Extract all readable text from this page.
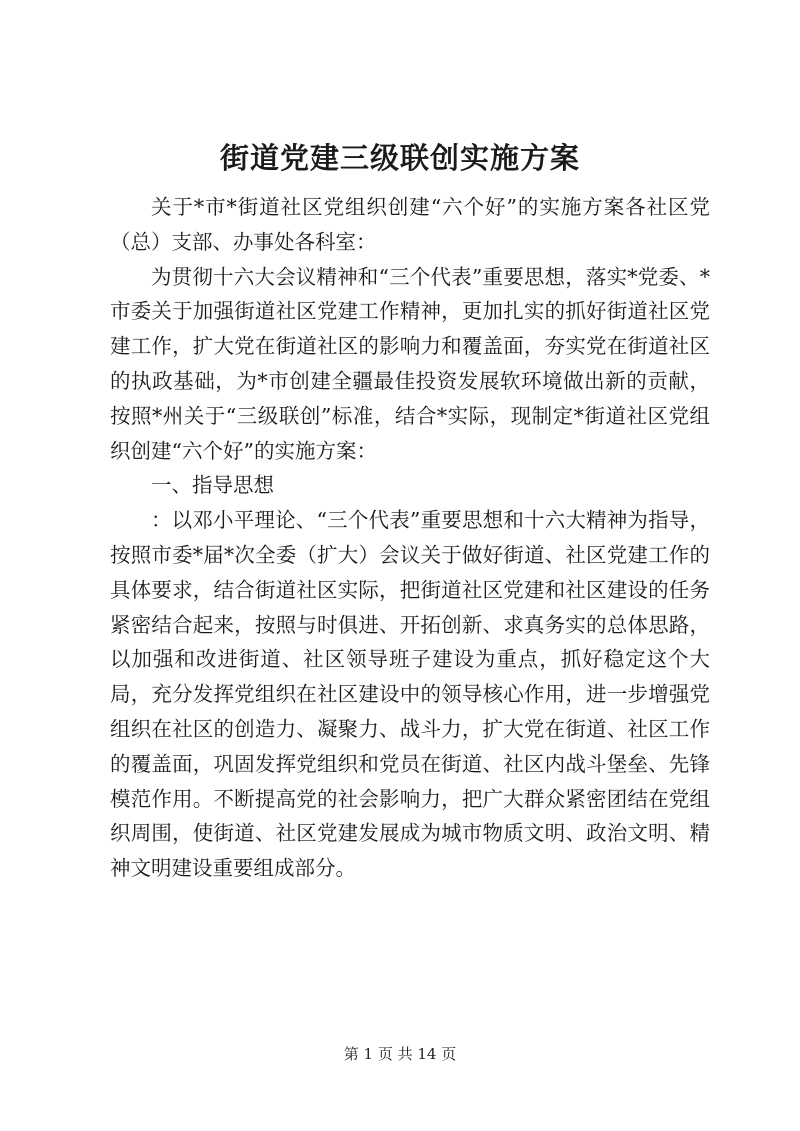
街道党建三级联创实施方案

关于*市*街道社区党组织创建“六个好”的实施方案各社区党（总）支部、办事处各科室：

为贯彻十六大会议精神和“三个代表”重要思想，落实*党委、*市委关于加强街道社区党建工作精神，更加扎实的抓好街道社区党建工作，扩大党在街道社区的影响力和覆盖面，夯实党在街道社区的执政基础，为*市创建全疆最佳投资发展软环境做出新的贡献，按照*州关于“三级联创”标准，结合*实际，现制定*街道社区党组织创建“六个好”的实施方案：

一、指导思想

：以邓小平理论、“三个代表”重要思想和十六大精神为指导，按照市委*届*次全委（扩大）会议关于做好街道、社区党建工作的具体要求，结合街道社区实际，把街道社区党建和社区建设的任务紧密结合起来，按照与时俱进、开拓创新、求真务实的总体思路，以加强和改进街道、社区领导班子建设为重点，抓好稳定这个大局，充分发挥党组织在社区建设中的领导核心作用，进一步增强党组织在社区的创造力、凝聚力、战斗力，扩大党在街道、社区工作的覆盖面，巩固发挥党组织和党员在街道、社区内战斗堡垒、先锋模范作用。不断提高党的社会影响力，把广大群众紧密团结在党组织周围，使街道、社区党建发展成为城市物质文明、政治文明、精神文明建设重要组成部分。

第 1 页 共 14 页
